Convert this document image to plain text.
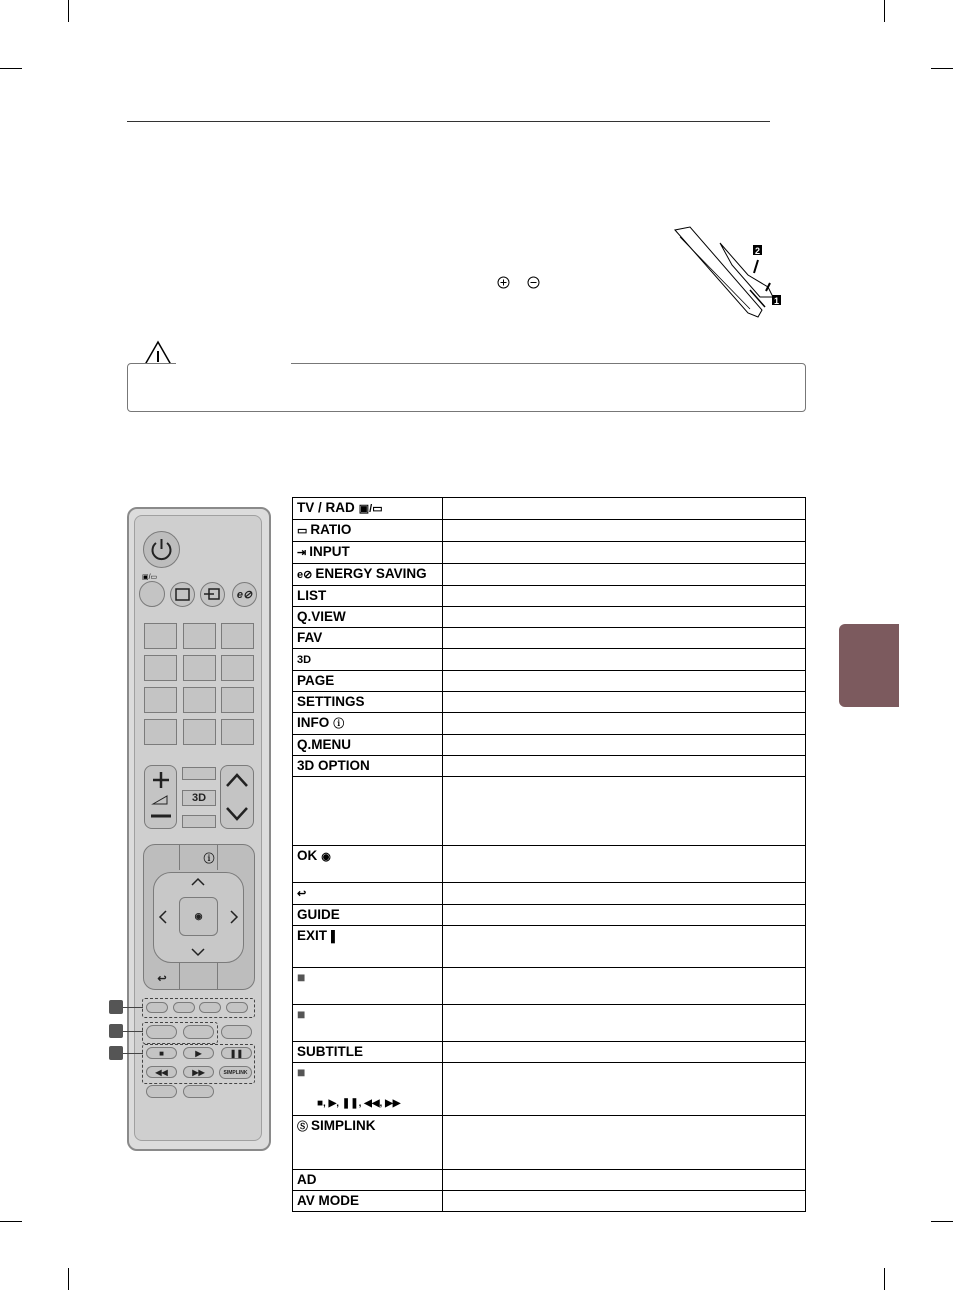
2
1
▣/▭
e⊘
3D
ⓘ
◉
↩
■	▶	❚❚
◀◀	▶▶	SIMPLINK
TV / RAD ▣/▭	
▭ RATIO	
⇥ INPUT	
e⊘ ENERGY SAVING	
LIST	
Q.VIEW	
FAV	
3D	
PAGE	
SETTINGS	
INFO ⓘ	
Q.MENU	
3D OPTION	

OK ◉	
↩	
GUIDE	
EXIT ▌	
■	
■	
SUBTITLE	
■
■, ▶, ❚❚, ◀◀, ▶▶	

Ⓢ SIMPLINK	
AD	
AV MODE	
